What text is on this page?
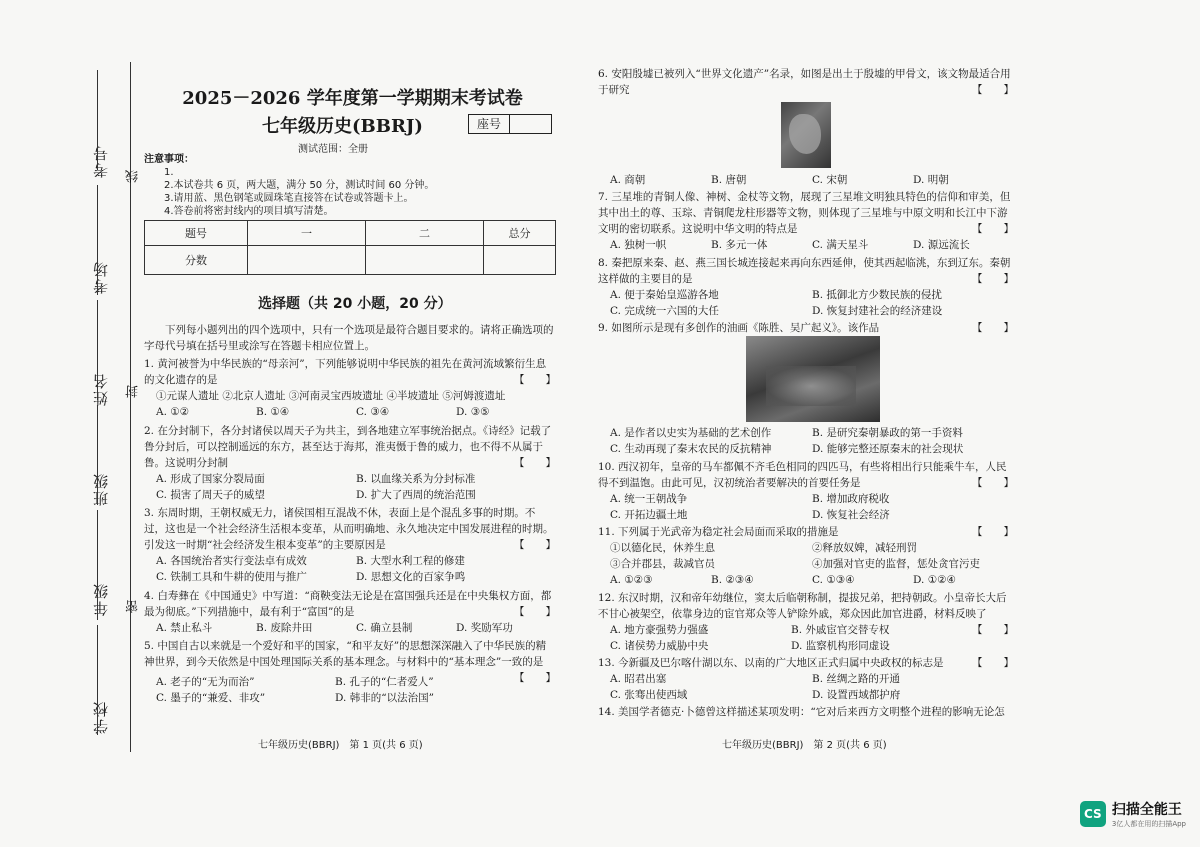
考号
考场
姓名
班级
年级
学校
线
封
密
2025－2026 学年度第一学期期末考试卷
七年级历史(BBRJ)	座号
测试范围：全册
注意事项：
1.
2.本试卷共 6 页，两大题，满分 50 分，测试时间 60 分钟。
3.请用蓝、黑色钢笔或圆珠笔直接答在试卷或答题卡上。
4.答卷前将密封线内的项目填写清楚。
题号	一	二	总分
分数			
选择题（共 20 小题，20 分）
下列每小题列出的四个选项中，只有一个选项是最符合题目要求的。请将正确选项的字母代号填在括号里或涂写在答题卡相应位置上。
1. 黄河被誉为中华民族的“母亲河”，下列能够说明中华民族的祖先在黄河流域繁衍生息的文化遗存的是	【　　】
①元谋人遗址 ②北京人遗址 ③河南灵宝西坡遗址 ④半坡遗址 ⑤河姆渡遗址
A. ①②	B. ①④	C. ③④	D. ③⑤
2. 在分封制下，各分封诸侯以周天子为共主，到各地建立军事统治据点。《诗经》记载了鲁分封后，可以控制遥远的东方，甚至达于海邦，淮夷慑于鲁的威力，也不得不从属于鲁。这说明分封制	【　　】
A. 形成了国家分裂局面	B. 以血缘关系为分封标准
C. 损害了周天子的威望	D. 扩大了西周的统治范围
3. 东周时期，王朝权威无力，诸侯国相互混战不休，表面上是个混乱多事的时期。不过，这也是一个社会经济生活根本变革，从而明确地、永久地决定中国发展进程的时期。引发这一时期“社会经济发生根本变革”的主要原因是	【　　】
A. 各国统治者实行变法卓有成效	B. 大型水利工程的修建
C. 铁制工具和牛耕的使用与推广	D. 思想文化的百家争鸣
4. 白寿彝在《中国通史》中写道：“商鞅变法无论是在富国强兵还是在中央集权方面，都最为彻底。”下列措施中，最有利于“富国”的是	【　　】
A. 禁止私斗	B. 废除井田	C. 确立县制	D. 奖励军功
5. 中国自古以来就是一个爱好和平的国家，“和平友好”的思想深深融入了中华民族的精神世界，到今天依然是中国处理国际关系的基本理念。与材料中的“基本理念”一致的是
【　　】
A. 老子的“无为而治”	B. 孔子的“仁者爱人”
C. 墨子的“兼爱、非攻”	D. 韩非的“以法治国”
七年级历史(BBRJ)　第 1 页(共 6 页)
6. 安阳殷墟已被列入“世界文化遗产”名录，如图是出土于殷墟的甲骨文，该文物最适合用于研究	【　　】
A. 商朝	B. 唐朝	C. 宋朝	D. 明朝
7. 三星堆的青铜人像、神树、金杖等文物，展现了三星堆文明独具特色的信仰和审美，但其中出土的尊、玉琮、青铜爬龙柱形器等文物，则体现了三星堆与中原文明和长江中下游文明的密切联系。这说明中华文明的特点是	【　　】
A. 独树一帜	B. 多元一体	C. 满天星斗	D. 源远流长
8. 秦把原来秦、赵、燕三国长城连接起来再向东西延伸，使其西起临洮，东到辽东。秦朝这样做的主要目的是	【　　】
A. 便于秦始皇巡游各地	B. 抵御北方少数民族的侵扰
C. 完成统一六国的大任	D. 恢复封建社会的经济建设
9. 如图所示是现有多创作的油画《陈胜、吴广起义》。该作品	【　　】
A. 是作者以史实为基础的艺术创作	B. 是研究秦朝暴政的第一手资料
C. 生动再现了秦末农民的反抗精神	D. 能够完整还原秦末的社会现状
10. 西汉初年，皇帝的马车都佩不齐毛色相同的四匹马，有些将相出行只能乘牛车，人民得不到温饱。由此可见，汉初统治者要解决的首要任务是	【　　】
A. 统一王朝战争	B. 增加政府税收
C. 开拓边疆土地	D. 恢复社会经济
11. 下列属于光武帝为稳定社会局面而采取的措施是	【　　】
①以德化民，休养生息	②释放奴婢，减轻刑罚
③合并郡县，裁减官员	④加强对官吏的监督，惩处贪官污吏
A. ①②③	B. ②③④	C. ①③④	D. ①②④
12. 东汉时期，汉和帝年幼继位，窦太后临朝称制，提拔兄弟，把持朝政。小皇帝长大后不甘心被架空，依靠身边的宦官郑众等人铲除外戚，郑众因此加官进爵，材料反映了
【　　】
A. 地方豪强势力强盛	B. 外戚宦官交替专权
C. 诸侯势力威胁中央	D. 监察机构形同虚设
13. 今新疆及巴尔喀什湖以东、以南的广大地区正式归属中央政权的标志是	【　　】
A. 昭君出塞	B. 丝绸之路的开通
C. 张骞出使西域	D. 设置西域都护府
14. 美国学者德克·卜德曾这样描述某项发明：“它对后来西方文明整个进程的影响无论怎
七年级历史(BBRJ)　第 2 页(共 6 页)
CS 扫描全能王
3亿人都在用的扫描App
